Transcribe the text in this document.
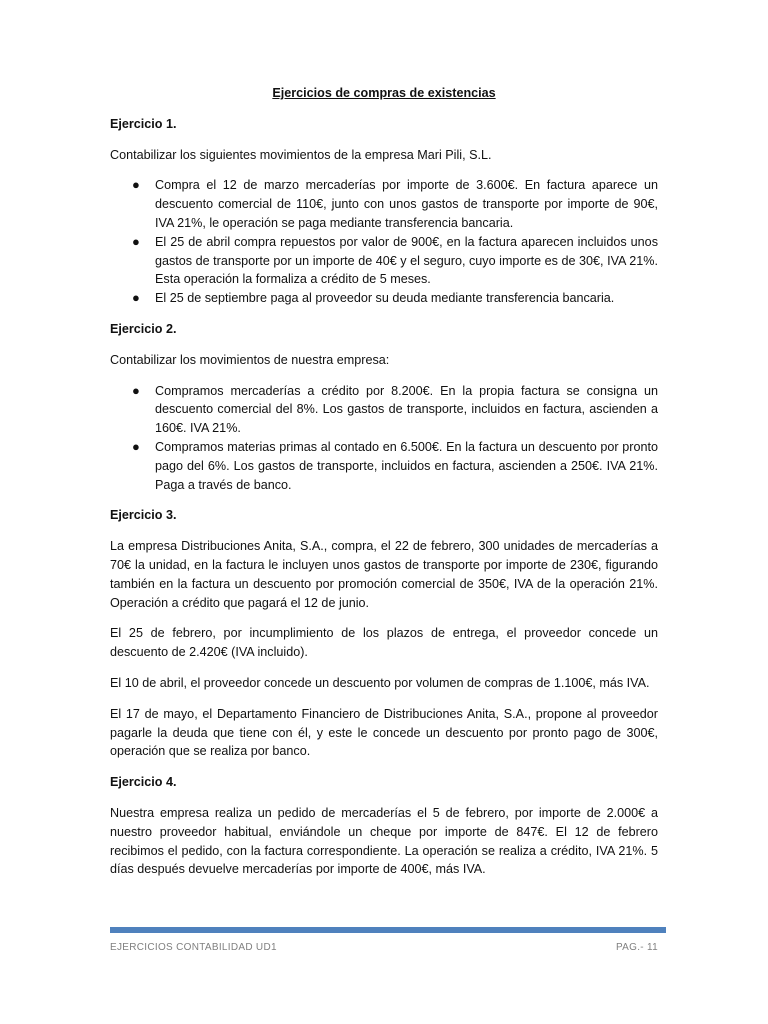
Ejercicios de compras de existencias
Ejercicio 1.

Contabilizar los siguientes movimientos de la empresa Mari Pili, S.L.

● Compra el 12 de marzo mercaderías por importe de 3.600€. En factura aparece un descuento comercial de 110€, junto con unos gastos de transporte por importe de 90€, IVA 21%, le operación se paga mediante transferencia bancaria.
● El 25 de abril compra repuestos por valor de 900€, en la factura aparecen incluidos unos gastos de transporte por un importe de 40€ y el seguro, cuyo importe es de 30€, IVA 21%. Esta operación la formaliza a crédito de 5 meses.
● El 25 de septiembre paga al proveedor su deuda mediante transferencia bancaria.
Ejercicio 2.

Contabilizar los movimientos de nuestra empresa:

● Compramos mercaderías a crédito por 8.200€. En la propia factura se consigna un descuento comercial del 8%. Los gastos de transporte, incluidos en factura, ascienden a 160€. IVA 21%.
● Compramos materias primas al contado en 6.500€. En la factura un descuento por pronto pago del 6%. Los gastos de transporte, incluidos en factura, ascienden a 250€. IVA 21%. Paga a través de banco.
Ejercicio 3.

La empresa Distribuciones Anita, S.A., compra, el 22 de febrero, 300 unidades de mercaderías a 70€ la unidad, en la factura le incluyen unos gastos de transporte por importe de 230€, figurando también en la factura un descuento por promoción comercial de 350€, IVA de la operación 21%. Operación a crédito que pagará el 12 de junio.

El 25 de febrero, por incumplimiento de los plazos de entrega, el proveedor concede un descuento de 2.420€ (IVA incluido).

El 10 de abril, el proveedor concede un descuento por volumen de compras de 1.100€, más IVA.

El 17 de mayo, el Departamento Financiero de Distribuciones Anita, S.A., propone al proveedor pagarle la deuda que tiene con él, y este le concede un descuento por pronto pago de 300€, operación que se realiza por banco.

Ejercicio 4.

Nuestra empresa realiza un pedido de mercaderías el 5 de febrero, por importe de 2.000€ a nuestro proveedor habitual, enviándole un cheque por importe de 847€. El 12 de febrero recibimos el pedido, con la factura correspondiente. La operación se realiza a crédito, IVA 21%. 5 días después devuelve mercaderías por importe de 400€, más IVA.

EJERCICIOS CONTABILIDAD UD1	PAG.- 11
